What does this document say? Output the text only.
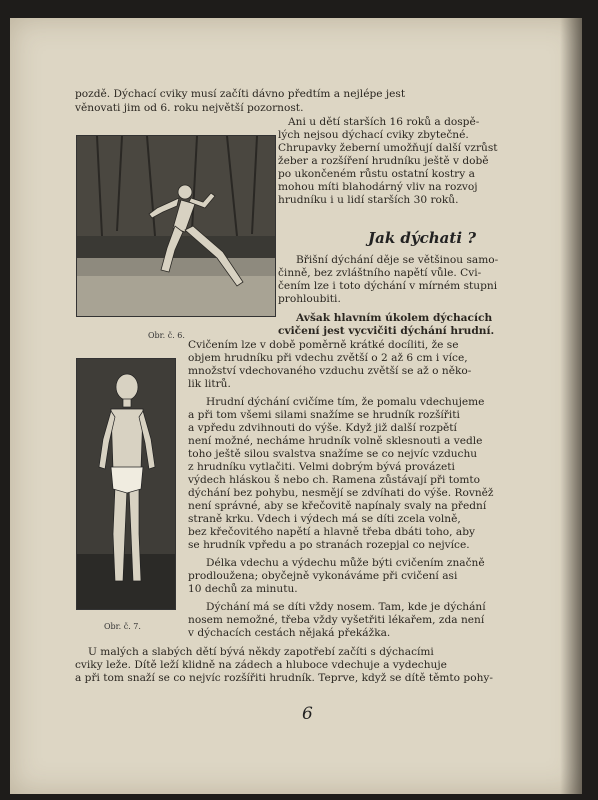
pozdě. Dýchací cviky musí začíti dávno předtím a nejlépe jest
věnovati jim od 6. roku největší pozornost.
Obr. č. 6.
Ani u dětí starších 16 roků a dospě-
lých nejsou dýchací cviky zbytečné.
Chrupavky žeberní umožňují další vzrůst
žeber a rozšíření hrudníku ještě v době
po ukončeném růstu ostatní kostry a
mohou míti blahodárný vliv na rozvoj
hrudníku i u lidí starších 30 roků.
Jak dýchati ?
Břišní dýchání děje se většinou samo-
činně, bez zvláštního napětí vůle. Cvi-
čením lze i toto dýchání v mírném stupni
prohloubiti.
Avšak hlavním úkolem dýchacích
cvičení jest vycvičiti dýchání hrudní.
Obr. č. 7.
Cvičením lze v době poměrně krátké docíliti, že se
objem hrudníku při vdechu zvětší o 2 až 6 cm i více,
množství vdechovaného vzduchu zvětší se až o něko-
lik litrů.
Hrudní dýchání cvičíme tím, že pomalu vdechujeme
a při tom všemi silami snažíme se hrudník rozšířiti
a vpředu zdvihnouti do výše. Když již další rozpětí
není možné, necháme hrudník volně sklesnouti a vedle
toho ještě silou svalstva snažíme se co nejvíc vzduchu
z hrudníku vytlačiti. Velmi dobrým bývá provázeti
výdech hláskou š nebo ch. Ramena zůstávají při tomto
dýchání bez pohybu, nesmějí se zdvíhati do výše. Rovněž
není správné, aby se křečovitě napínaly svaly na přední
straně krku. Vdech i výdech má se díti zcela volně,
bez křečovitého napětí a hlavně třeba dbáti toho, aby
se hrudník vpředu a po stranách rozepjal co nejvíce.
Délka vdechu a výdechu může býti cvičením značně
prodloužena; obyčejně vykonáváme při cvičení asi
10 dechů za minutu.
Dýchání má se díti vždy nosem. Tam, kde je dýchání
nosem nemožné, třeba vždy vyšetřiti lékařem, zda není
v dýchacích cestách nějaká překážka.
U malých a slabých dětí bývá někdy zapotřebí začíti s dýchacími
cviky leže. Dítě leží klidně na zádech a hluboce vdechuje a vydechuje
a při tom snaží se co nejvíc rozšířiti hrudník. Teprve, když se dítě těmto pohy-
6
